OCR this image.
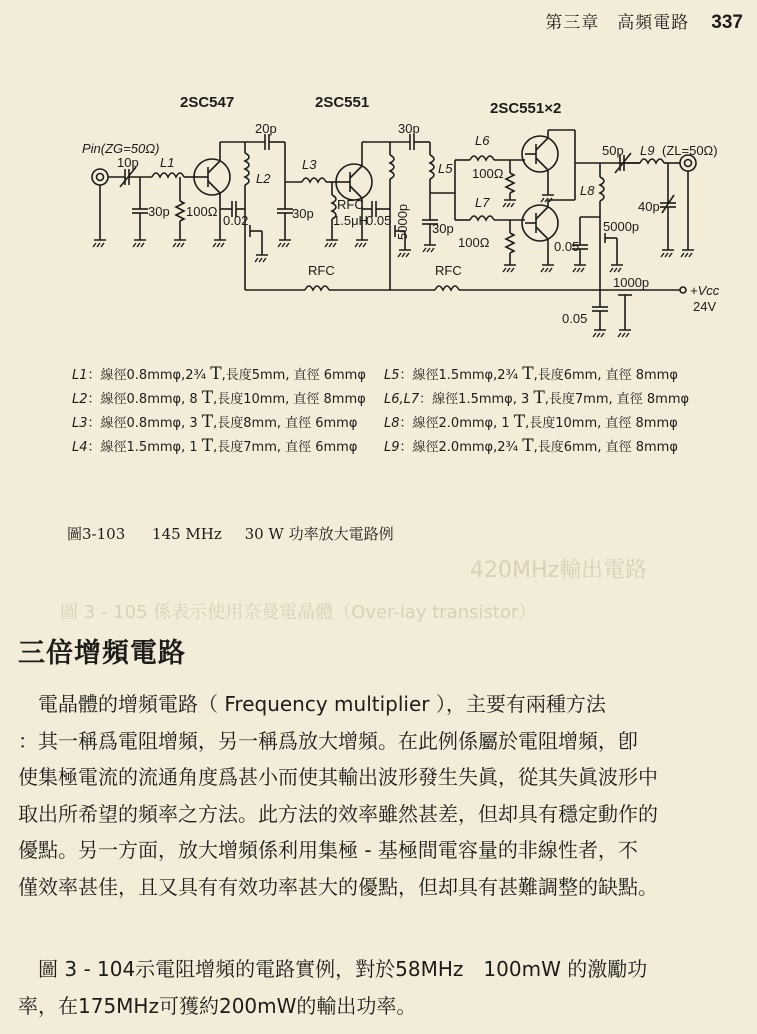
420MHz輸出電路
圖 3 - 105 係表示使用奈曼電晶體（Over-lay transistor）
第三章　高頻電路 337
2SC547	2SC551	2SC551×2
Pin(ZG=50Ω)
10p L1
30p 100Ω
0.02
20p
L2
L3
30p
RFC
1.5μH
0.05 5000p
30p
L5
30p
L6
100Ω
L7
100Ω
L8
0.05
5000p
50p L9 (ZL=50Ω)
40p
RFC	RFC
1000p
0.05
+Vcc
24V
L1：線徑0.8mmφ,2¾ T,長度5mm, 直徑 6mmφ
L2：線徑0.8mmφ, 8 T,長度10mm, 直徑 8mmφ
L3：線徑0.8mmφ, 3 T,長度8mm, 直徑 6mmφ
L4：線徑1.5mmφ, 1 T,長度7mm, 直徑 6mmφ
L5：線徑1.5mmφ,2¾ T,長度6mm, 直徑 8mmφ
L6,L7：線徑1.5mmφ, 3 T,長度7mm, 直徑 8mmφ
L8：線徑2.0mmφ, 1 T,長度10mm, 直徑 8mmφ
L9：線徑2.0mmφ,2¾ T,長度6mm, 直徑 8mmφ
圖3-103 145 MHz 30 W 功率放大電路例
三倍增頻電路

　電晶體的增頻電路（ Frequency multiplier ），主要有兩種方法

：其一稱爲電阻增頻，另一稱爲放大增頻。在此例係屬於電阻增頻，卽

使集極電流的流通角度爲甚小而使其輸出波形發生失眞，從其失眞波形中

取出所希望的頻率之方法。此方法的效率雖然甚差，但却具有穩定動作的

優點。另一方面，放大增頻係利用集極 - 基極間電容量的非線性者，不

僅效率甚佳，且又具有有效功率甚大的優點，但却具有甚難調整的缺點。

　圖 3 - 104示電阻增頻的電路實例，對於58MHz　100mW 的激勵功

率，在175MHz可獲約200mW的輸出功率。
